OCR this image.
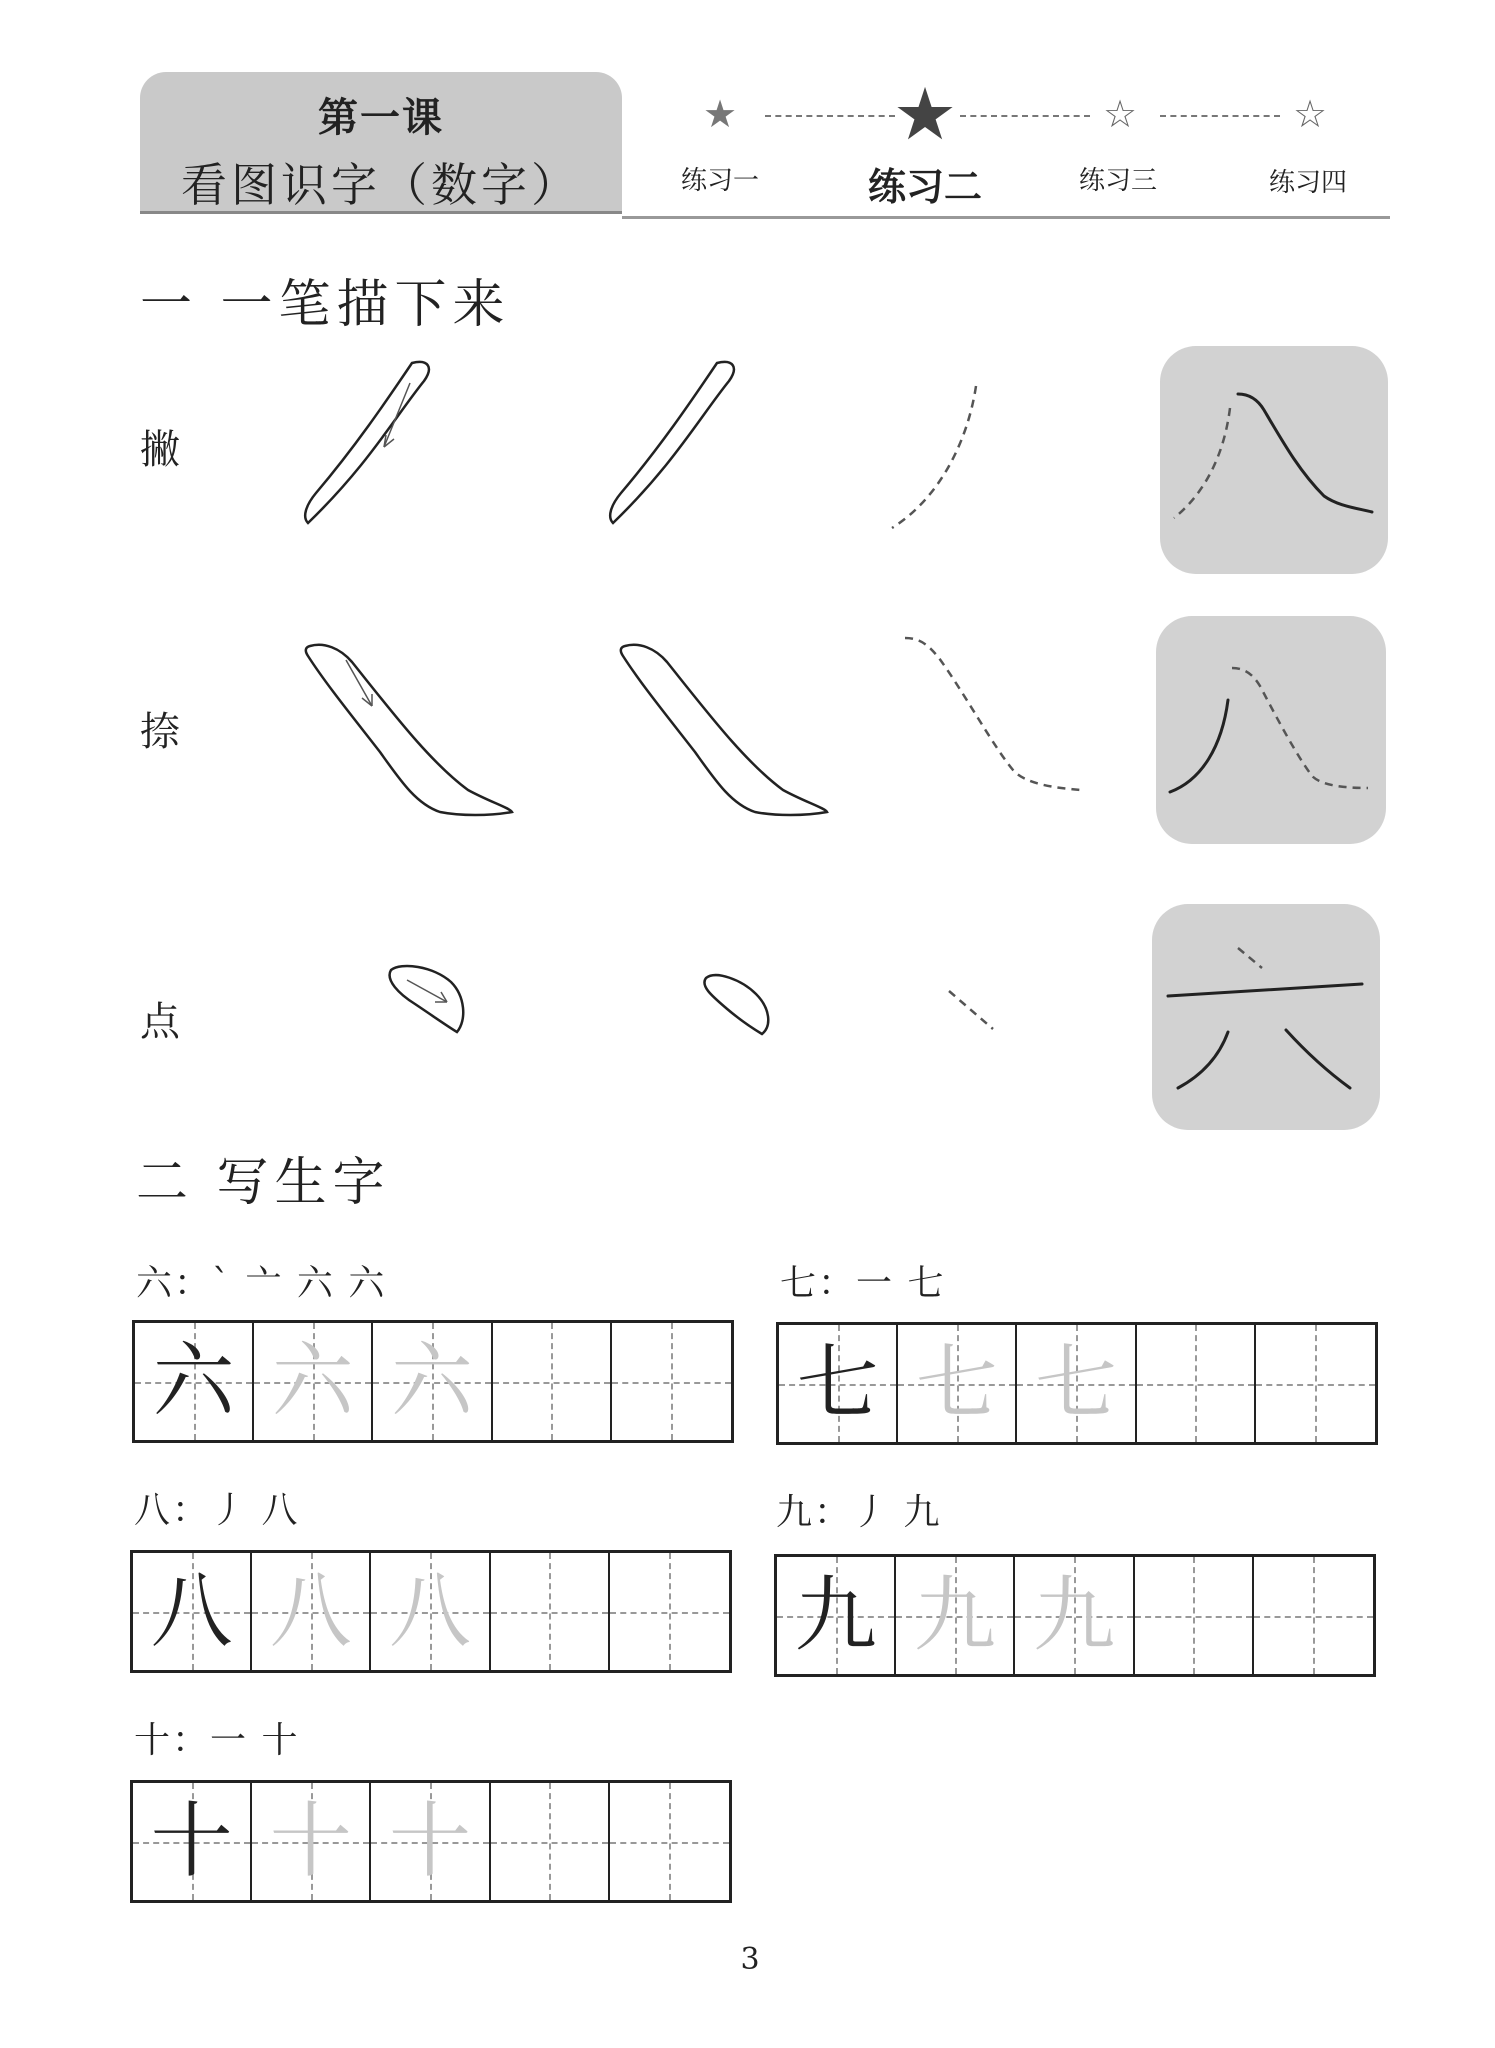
第一课
看图识字（数字）
★ ★	☆	☆
练习一	练习二	练习三	练习四
一 一笔描下来
撇
捺
点
二 写生字
六：` 亠 六 六
六 六 六
七：一 七
七 七 七
八：丿 八
八 八 八
九：丿 九
九 九 九
十：一 十
十 十 十
3
